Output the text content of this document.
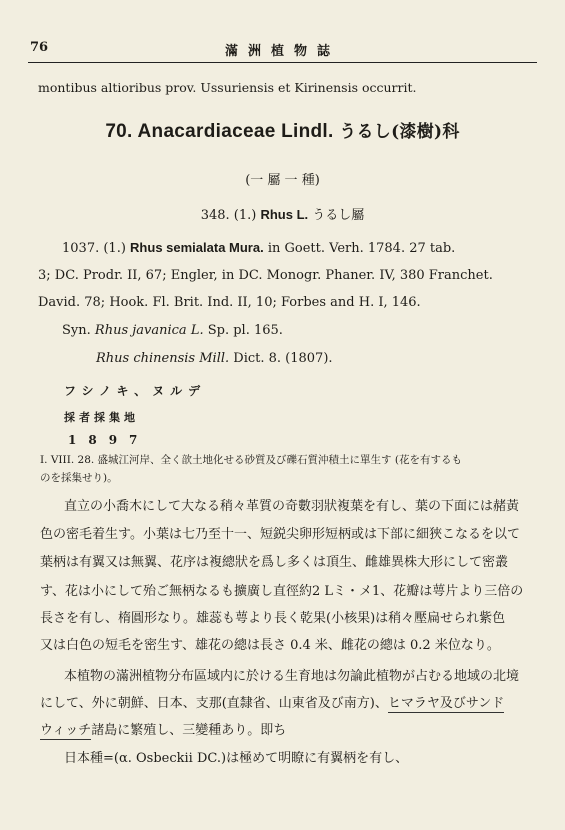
76	滿洲植物誌
montibus altioribus prov. Ussuriensis et Kirinensis occurrit.
70. Anacardiaceae Lindl. うるし(漆樹)科
(一 屬 一 種)
348. (1.) Rhus L. うるし屬
1037. (1.) Rhus semialata Mura. in Goett. Verh. 1784. 27 tab.
3; DC. Prodr. II, 67; Engler, in DC. Monogr. Phaner. IV, 380 Franchet.
David. 78; Hook. Fl. Brit. Ind. II, 10; Forbes and H. I, 146.
Syn. Rhus javanica L. Sp. pl. 165.
Rhus chinensis Mill. Dict. 8. (1807).
フシノキ、ヌルデ
採者採集地
1897
I. VIII. 28. 盛城江河岸、全く歆土地化せる砂質及び礫石質沖積土に單生す (花を有するも
のを採集せり)。
直立の小喬木にして大なる稍々革質の奇數羽狀複葉を有し、葉の下面には赭黃
色の密毛着生す。小葉は七乃至十一、短鋭尖卵形短柄或は下部に細狹こなるを以て
葉柄は有翼又は無翼、花序は複總狀を爲し多くは頂生、雌雄異株大形にして密叢
す、花は小にして殆ご無柄なるも擴廣し直徑約2 Lミ・メ1、花瓣は萼片より三倍の
長さを有し、楕圓形なり。雄蕊も萼より長く乾果(小核果)は稍々壓扁せられ紫色
又は白色の短毛を密生す、雄花の總は長さ 0.4 米、雌花の總は 0.2 米位なり。
本植物の滿洲植物分布區域内に於ける生育地は勿論此植物が占むる地域の北境
にして、外に朝鮮、日本、支那(直隸省、山東省及び南方)、ヒマラヤ及びサンド
ウィッチ諸島に繁殖し、三變種あり。即ち
日本種=(α. Osbeckii DC.)は極めて明瞭に有翼柄を有し、
